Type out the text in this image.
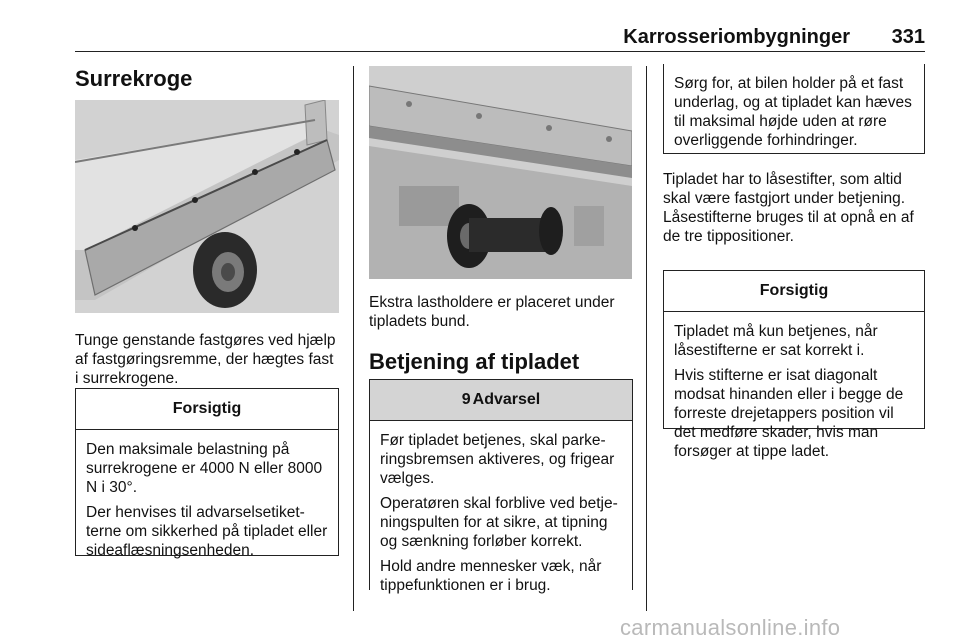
Karrosseriombygninger	331
Surrekroge
Tunge genstande fastgøres ved hjælp af fastgøringsremme, der hægtes fast i surrekrogene.
Forsigtig

Den maksimale belastning på surrekrogene er 4000 N eller 8000 N i 30°.

Der henvises til advarselsetiket-terne om sikkerhed på tipladet eller sideaflæsningsenheden.

Ekstra lastholdere er placeret under tipladets bund.
Betjening af tipladet
9 Advarsel

Før tipladet betjenes, skal parke-ringsbremsen aktiveres, og frigear vælges.

Operatøren skal forblive ved betje-ningspulten for at sikre, at tipning og sænkning forløber korrekt.

Hold andre mennesker væk, når tippefunktionen er i brug.

Sørg for, at bilen holder på et fast underlag, og at tipladet kan hæves til maksimal højde uden at røre overliggende forhindringer.
Tipladet har to låsestifter, som altid skal være fastgjort under betjening. Låsestifterne bruges til at opnå en af de tre tippositioner.
Forsigtig

Tipladet må kun betjenes, når låsestifterne er sat korrekt i.

Hvis stifterne er isat diagonalt modsat hinanden eller i begge de forreste drejetappers position vil det medføre skader, hvis man forsøger at tippe ladet.

carmanualsonline.info
